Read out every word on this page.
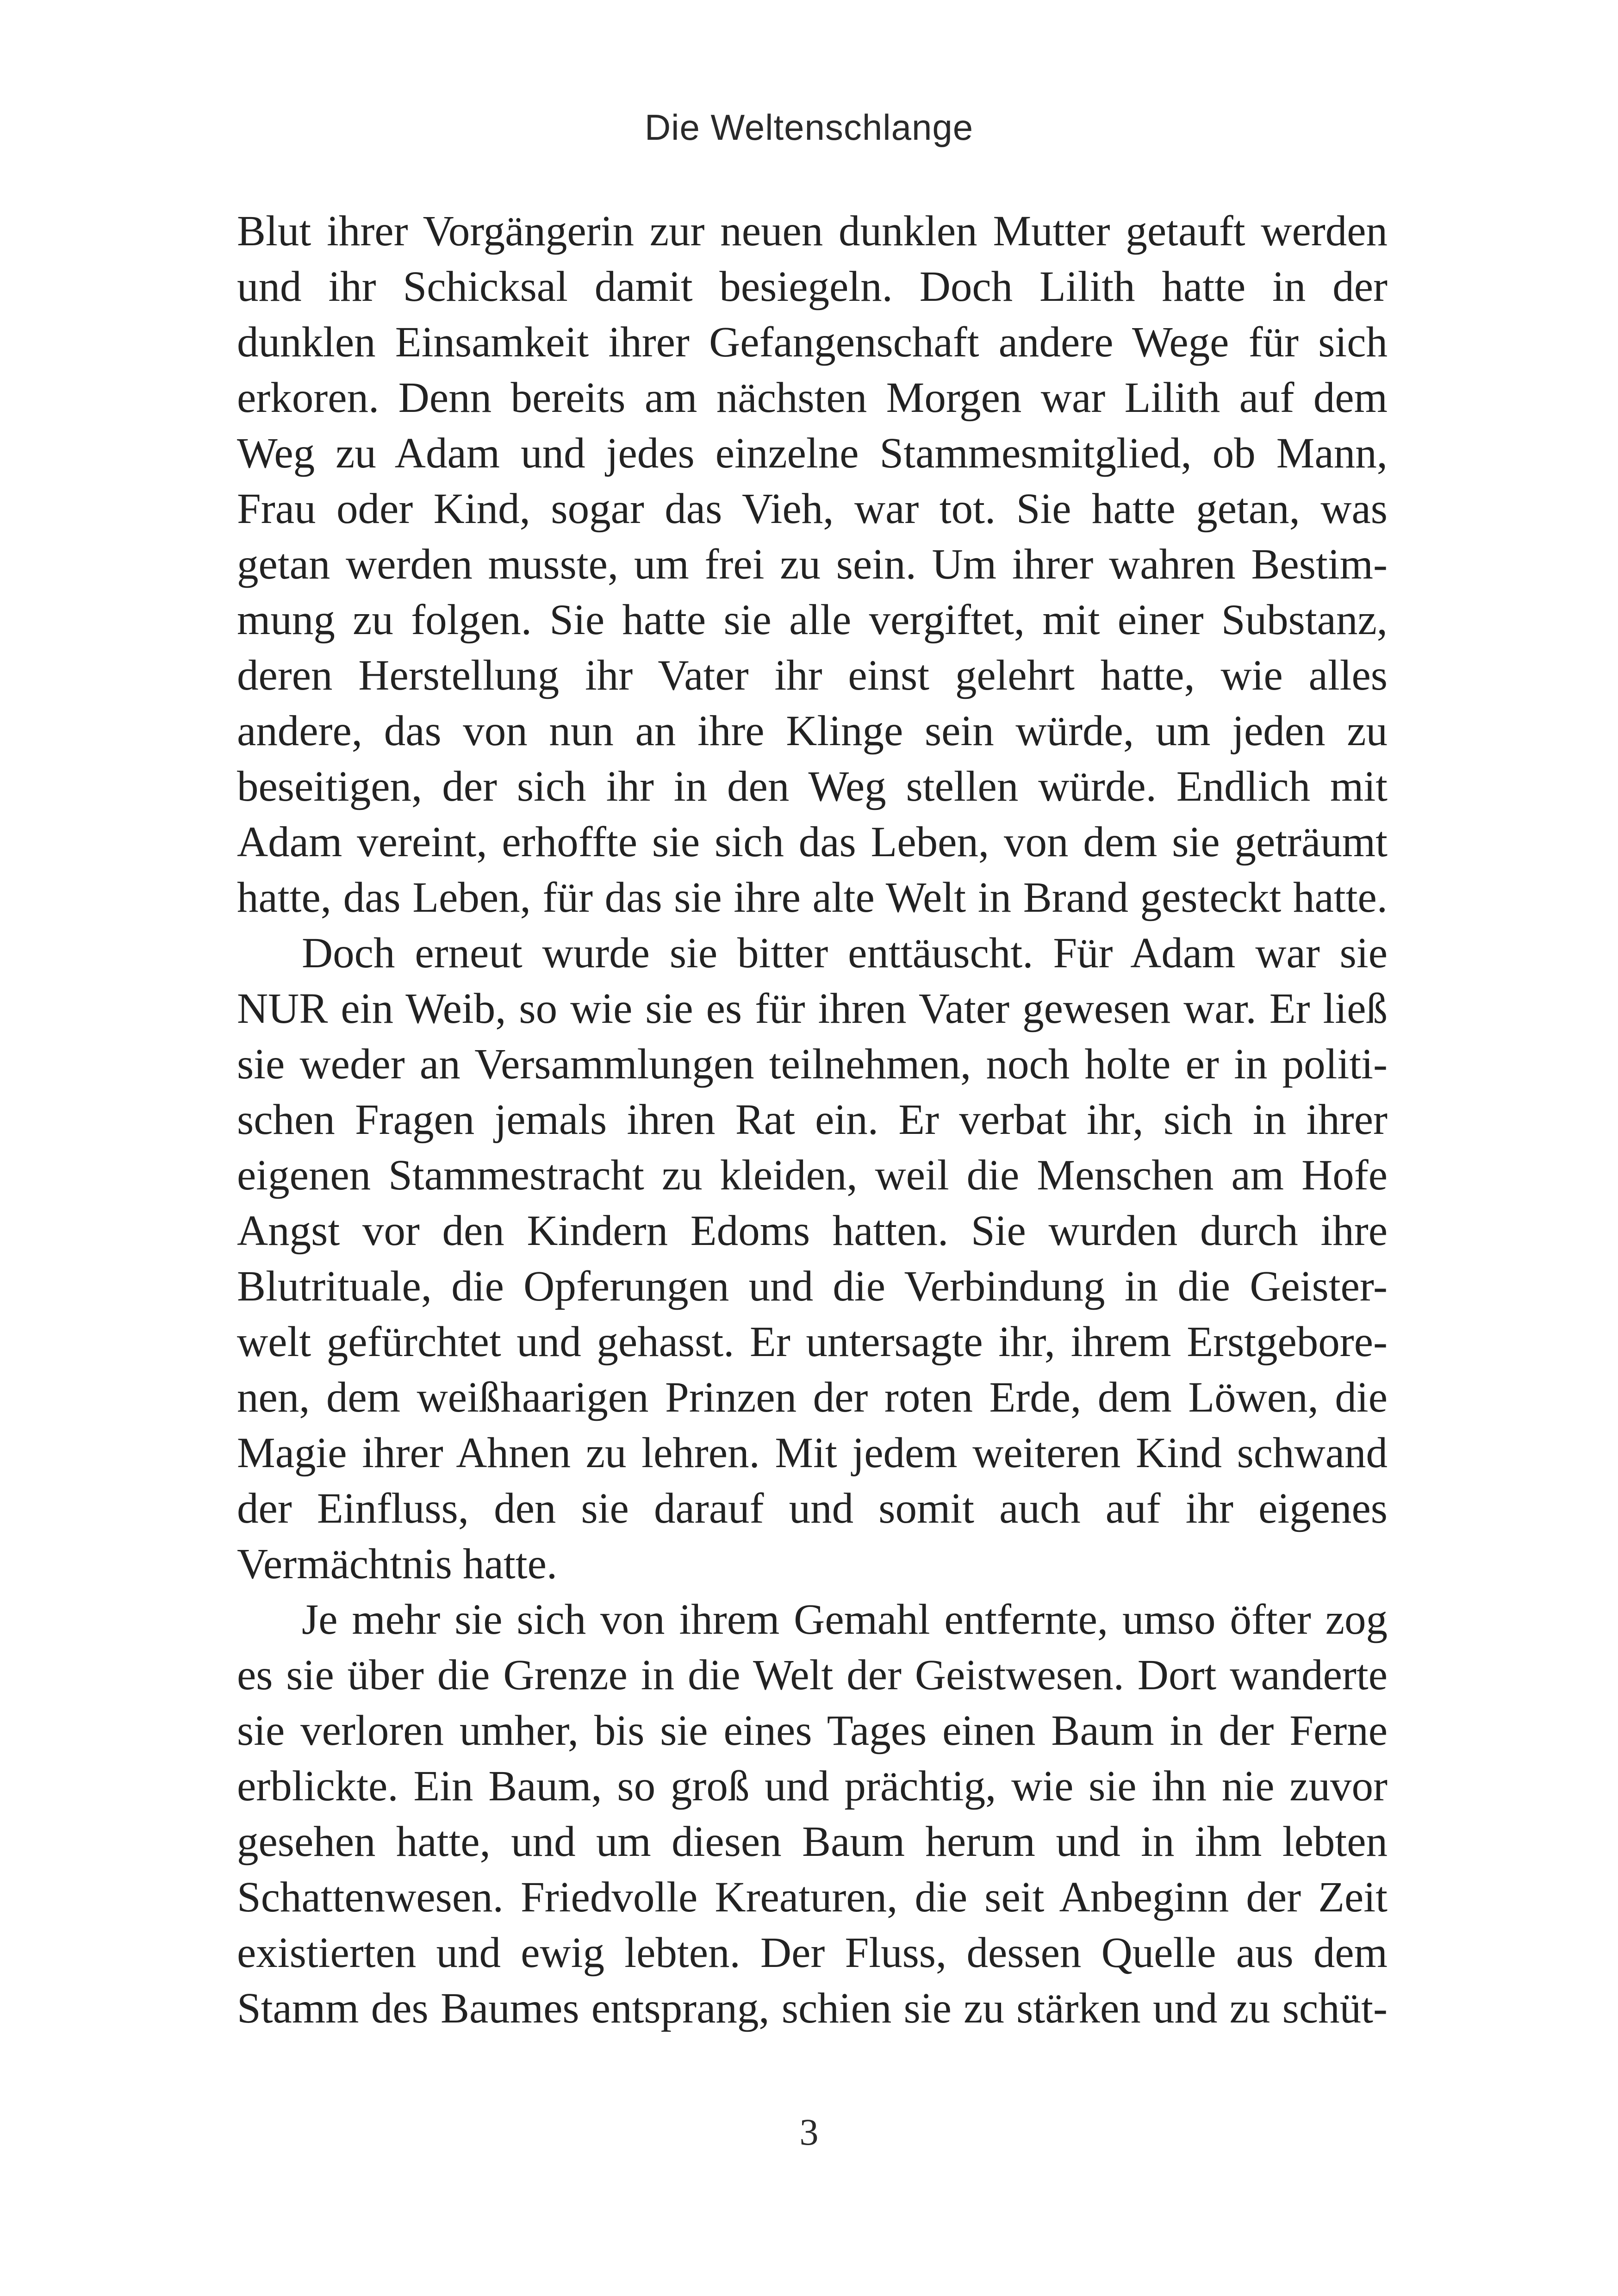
Die Weltenschlange

Blut ihrer Vorgängerin zur neuen dunklen Mutter getauft werden
und ihr Schicksal damit besiegeln. Doch Lilith hatte in der
dunklen Einsamkeit ihrer Gefangenschaft andere Wege für sich
erkoren. Denn bereits am nächsten Morgen war Lilith auf dem
Weg zu Adam und jedes einzelne Stammesmitglied, ob Mann,
Frau oder Kind, sogar das Vieh, war tot. Sie hatte getan, was
getan werden musste, um frei zu sein. Um ihrer wahren Bestim-
mung zu folgen. Sie hatte sie alle vergiftet, mit einer Substanz,
deren Herstellung ihr Vater ihr einst gelehrt hatte, wie alles
andere, das von nun an ihre Klinge sein würde, um jeden zu
beseitigen, der sich ihr in den Weg stellen würde. Endlich mit
Adam vereint, erhoffte sie sich das Leben, von dem sie geträumt
hatte, das Leben, für das sie ihre alte Welt in Brand gesteckt hatte.

Doch erneut wurde sie bitter enttäuscht. Für Adam war sie
NUR ein Weib, so wie sie es für ihren Vater gewesen war. Er ließ
sie weder an Versammlungen teilnehmen, noch holte er in politi-
schen Fragen jemals ihren Rat ein. Er verbat ihr, sich in ihrer
eigenen Stammestracht zu kleiden, weil die Menschen am Hofe
Angst vor den Kindern Edoms hatten. Sie wurden durch ihre
Blutrituale, die Opferungen und die Verbindung in die Geister-
welt gefürchtet und gehasst. Er untersagte ihr, ihrem Erstgebore-
nen, dem weißhaarigen Prinzen der roten Erde, dem Löwen, die
Magie ihrer Ahnen zu lehren. Mit jedem weiteren Kind schwand
der Einfluss, den sie darauf und somit auch auf ihr eigenes
Vermächtnis hatte.

Je mehr sie sich von ihrem Gemahl entfernte, umso öfter zog
es sie über die Grenze in die Welt der Geistwesen. Dort wanderte
sie verloren umher, bis sie eines Tages einen Baum in der Ferne
erblickte. Ein Baum, so groß und prächtig, wie sie ihn nie zuvor
gesehen hatte, und um diesen Baum herum und in ihm lebten
Schattenwesen. Friedvolle Kreaturen, die seit Anbeginn der Zeit
existierten und ewig lebten. Der Fluss, dessen Quelle aus dem
Stamm des Baumes entsprang, schien sie zu stärken und zu schüt-

3
